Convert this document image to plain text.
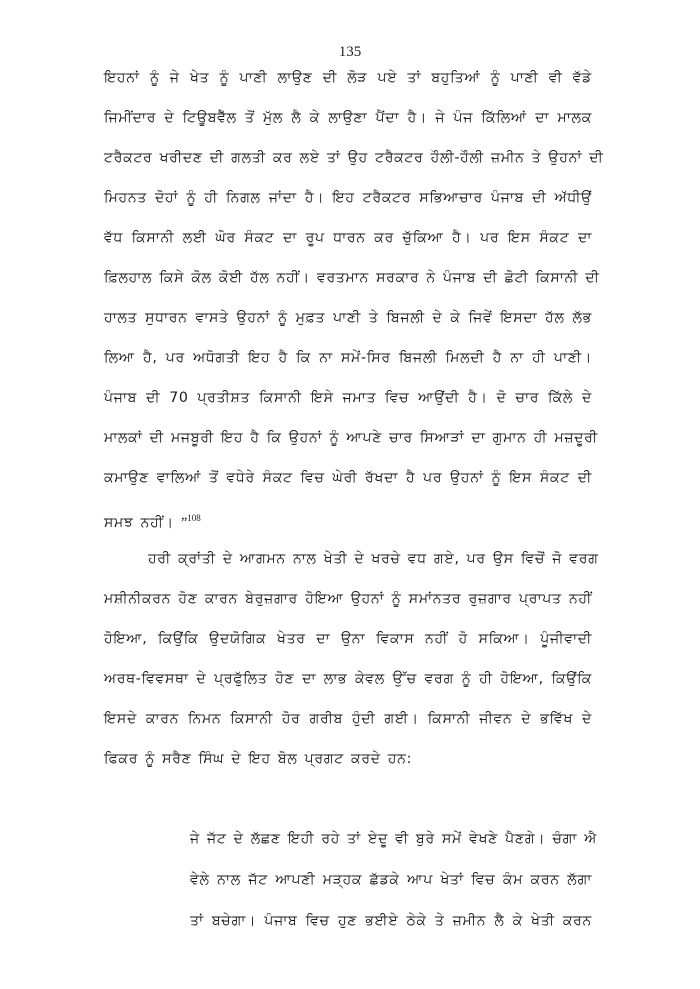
135
ਇਹਨਾਂ ਨੂੰ ਜੇ ਖੇਤ ਨੂੰ ਪਾਣੀ ਲਾਉਣ ਦੀ ਲੋੜ ਪਏ ਤਾਂ ਬਹੁਤਿਆਂ ਨੂੰ ਪਾਣੀ ਵੀ ਵੱਡੇ
ਜਿਮੀਂਦਾਰ ਦੇ ਟਿਊਬਵੈੱਲ ਤੋਂ ਮੁੱਲ ਲੈ ਕੇ ਲਾਉਣਾ ਪੈਂਦਾ ਹੈ। ਜੇ ਪੰਜ ਕਿੱਲਿਆਂ ਦਾ ਮਾਲਕ
ਟਰੈਕਟਰ ਖਰੀਦਣ ਦੀ ਗਲਤੀ ਕਰ ਲਏ ਤਾਂ ਉਹ ਟਰੈਕਟਰ ਹੌਲੀ-ਹੌਲੀ ਜ਼ਮੀਨ ਤੇ ਉਹਨਾਂ ਦੀ
ਮਿਹਨਤ ਦੋਹਾਂ ਨੂੰ ਹੀ ਨਿਗਲ ਜਾਂਦਾ ਹੈ। ਇਹ ਟਰੈਕਟਰ ਸਭਿਆਚਾਰ ਪੰਜਾਬ ਦੀ ਅੱਧੀਉਂ
ਵੱਧ ਕਿਸਾਨੀ ਲਈ ਘੋਰ ਸੰਕਟ ਦਾ ਰੂਪ ਧਾਰਨ ਕਰ ਚੁੱਕਿਆ ਹੈ। ਪਰ ਇਸ ਸੰਕਟ ਦਾ
ਫ਼ਿਲਹਾਲ ਕਿਸੇ ਕੋਲ ਕੋਈ ਹੱਲ ਨਹੀਂ। ਵਰਤਮਾਨ ਸਰਕਾਰ ਨੇ ਪੰਜਾਬ ਦੀ ਛੋਟੀ ਕਿਸਾਨੀ ਦੀ
ਹਾਲਤ ਸੁਧਾਰਨ ਵਾਸਤੇ ਉਹਨਾਂ ਨੂੰ ਮੁਫ਼ਤ ਪਾਣੀ ਤੇ ਬਿਜਲੀ ਦੇ ਕੇ ਜਿਵੇਂ ਇਸਦਾ ਹੱਲ ਲੱਭ
ਲਿਆ ਹੈ, ਪਰ ਅਧੋਗਤੀ ਇਹ ਹੈ ਕਿ ਨਾ ਸਮੇਂ-ਸਿਰ ਬਿਜਲੀ ਮਿਲਦੀ ਹੈ ਨਾ ਹੀ ਪਾਣੀ।
ਪੰਜਾਬ ਦੀ 70 ਪ੍ਰਤੀਸ਼ਤ ਕਿਸਾਨੀ ਇਸੇ ਜਮਾਤ ਵਿਚ ਆਉਂਦੀ ਹੈ। ਦੋ ਚਾਰ ਕਿੱਲੇ ਦੇ
ਮਾਲਕਾਂ ਦੀ ਮਜਬੂਰੀ ਇਹ ਹੈ ਕਿ ਉਹਨਾਂ ਨੂੰ ਆਪਣੇ ਚਾਰ ਸਿਆੜਾਂ ਦਾ ਗੁਮਾਨ ਹੀ ਮਜ਼ਦੂਰੀ
ਕਮਾਉਣ ਵਾਲਿਆਂ ਤੋਂ ਵਧੇਰੇ ਸੰਕਟ ਵਿਚ ਘੇਰੀ ਰੱਖਦਾ ਹੈ ਪਰ ਉਹਨਾਂ ਨੂੰ ਇਸ ਸੰਕਟ ਦੀ
ਸਮਝ ਨਹੀਂ। ”$^{108}$
ਹਰੀ ਕ੍ਰਾਂਤੀ ਦੇ ਆਗਮਨ ਨਾਲ ਖੇਤੀ ਦੇ ਖਰਚੇ ਵਧ ਗਏ, ਪਰ ਉਸ ਵਿਚੋਂ ਜੋ ਵਰਗ
ਮਸ਼ੀਨੀਕਰਨ ਹੋਣ ਕਾਰਨ ਬੇਰੁਜ਼ਗਾਰ ਹੋਇਆ ਉਹਨਾਂ ਨੂੰ ਸਮਾਂਨਤਰ ਰੁਜ਼ਗਾਰ ਪ੍ਰਾਪਤ ਨਹੀਂ
ਹੋਇਆ, ਕਿਉਂਕਿ ਉਦਯੋਗਿਕ ਖੇਤਰ ਦਾ ਉਨਾ ਵਿਕਾਸ ਨਹੀਂ ਹੋ ਸਕਿਆ। ਪੂੰਜੀਵਾਦੀ
ਅਰਥ-ਵਿਵਸਥਾ ਦੇ ਪ੍ਰਫੁੱਲਿਤ ਹੋਣ ਦਾ ਲਾਭ ਕੇਵਲ ਉੱਚ ਵਰਗ ਨੂੰ ਹੀ ਹੋਇਆ, ਕਿਉਂਕਿ
ਇਸਦੇ ਕਾਰਨ ਨਿਮਨ ਕਿਸਾਨੀ ਹੋਰ ਗਰੀਬ ਹੁੰਦੀ ਗਈ। ਕਿਸਾਨੀ ਜੀਵਨ ਦੇ ਭਵਿੱਖ ਦੇ
ਫਿਕਰ ਨੂੰ ਸਰੈਣ ਸਿੰਘ ਦੇ ਇਹ ਬੋਲ ਪ੍ਰਗਟ ਕਰਦੇ ਹਨ:
ਜੇ ਜੱਟ ਦੇ ਲੱਛਣ ਇਹੀ ਰਹੇ ਤਾਂ ਏਦੂ ਵੀ ਬੁਰੇ ਸਮੇਂ ਵੇਖਣੇ ਪੈਣਗੇ। ਚੰਗਾ ਐ
ਵੇਲੇ ਨਾਲ ਜੱਟ ਆਪਣੀ ਮੜ੍ਹਕ ਛੱਡਕੇ ਆਪ ਖੇਤਾਂ ਵਿਚ ਕੰਮ ਕਰਨ ਲੱਗਾ
ਤਾਂ ਬਚੇਗਾ। ਪੰਜਾਬ ਵਿਚ ਹੁਣ ਭਈਏ ਠੇਕੇ ਤੇ ਜ਼ਮੀਨ ਲੈ ਕੇ ਖੇਤੀ ਕਰਨ
